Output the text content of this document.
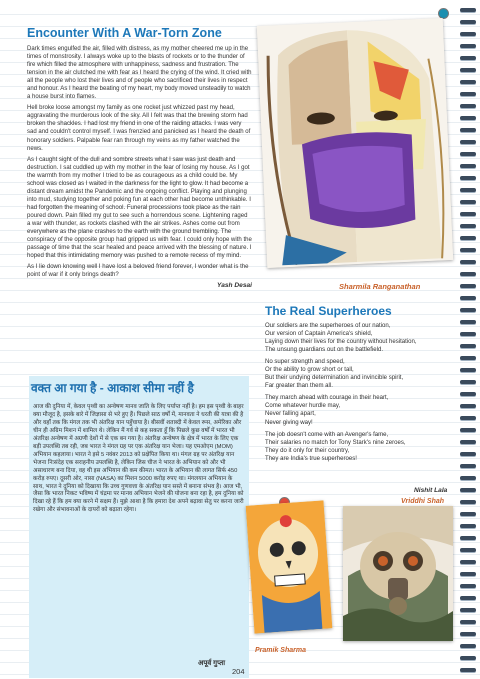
Encounter With A War-Torn Zone

Dark times engulfed the air, filled with distress, as my mother cheered me up in the times of monstrosity. I always woke up to the blasts of rockets or to the thunder of fire which filled the atmosphere with unhappiness, sadness and frustration. The tension in the air clutched me with fear as I heard the crying of the wind. It cried with all the people who lost their lives and of people who sacrificed their lives in respect and honour. As I heard the beating of my heart, my body moved unsteadily to watch a house burst into flames.

Hell broke loose amongst my family as one rocket just whizzed past my head, aggravating the murderous look of the sky. All I felt was that the brewing storm had broken the shackles. I had lost my friend in one of the raiding attacks. I was very sad and couldn't control myself. I was frenzied and panicked as I heard the death of honorary soldiers. Palpable fear ran through my veins as my father watched the news.

As I caught sight of the dull and sombre streets what I saw was just death and destruction. I sat cuddled up with my mother in the fear of losing my house. As I got the warmth from my mother I tried to be as courageous as a child could be. My school was closed as I waited in the darkness for the light to glow. It had become a distant dream amidst the Pandemic and the ongoing conflict. Playing and plunging into mud, studying together and poking fun at each other had become unthinkable. I had forgotten the meaning of school. Funeral processions took place as the rain poured down. Pain filled my gut to see such a horrendous scene. Lightening raged a war with thunder, as rockets clashed with the air strikes. Ashes come out from everywhere as the plane crashes to the earth with the ground trembling. The conspiracy of the opposite group had gripped us with fear. I could only hope with the passage of time that the scar healed and peace arrived with the blessing of nature. I hoped that this intimidating memory was pushed to a remote recess of my mind.

As I lie down knowing well I have lost a beloved friend forever, I wonder what is the point of war if it only brings death?

Yash Desai
वक्त आ गया है - आकाश सीमा नहीं है
आज की दुनिया में, केवल पृथ्वी का अन्वेषण मानव जाति के लिए पर्याप्त नहीं है। हम इस पृथ्वी के बाहर क्या मौजूद है, इसके बारे में जिज्ञासा से भरे हुए हैं। पिछले साठ वर्षों में, मानवता ने धरती की यात्रा की है और वहाँ तक कि मंगल तक भी अंतरिक्ष यान पहुँचाया है। बीसवीं शताब्दी में केवल रूस, अमेरिका और चीन ही अग्रिम मिशन में शामिल थे। लेकिन मैं गर्व से कह सकता हूँ कि पिछले कुछ वर्षों में भारत भी अंतरिक्ष अन्वेषण में अग्रणी देशों में से एक बन गया है। अंतरिक्ष अन्वेषण के क्षेत्र में भारत के लिए एक बड़ी उपलब्धि तब रही, जब भारत ने मंगल ग्रह पर एक अंतरिक्ष यान भेजा। यह एमओएम (MOM) अभियान कहलाया। भारत ने इसे 5 नवंबर 2013 को प्रक्षेपित किया था। मंगल ग्रह पर अंतरिक्ष यान भेजना निःसंदेह एक सराहनीय उपलब्धि है, लेकिन जिस चीज ने भारत के अभियान को और भी असाधारण बना दिया, वह थी इस अभियान की कम कीमत। भारत के अभियान की लागत सिर्फ 450 करोड़ रुपए। दूसरी ओर, नासा (NASA) का मिशन 5000 करोड़ रुपए था। मंगलयान अभियान के साथ, भारत ने दुनिया को दिखाया कि उच्च गुणवत्ता के अंतरिक्ष यान सस्ते में बनाना संभव है। आज भी, जैसा कि भारत निकट भविष्य में चंद्रमा पर मानव अभियान भेजने की योजना बना रहा है, हम दुनिया को दिखा रहे हैं कि हम क्या करने में सक्षम हैं। मुझे आशा है कि हमारा देश अपने बढ़ावा सेतु पर करना जारी रखेगा और संभावनाओं के दायरों को बढ़ाता रहेगा।
अपूर्व गुप्ता
Sharmila Ranganathan
The Real Superheroes
Our soldiers are the superheroes of our nation,
Our version of Captain America's shield,
Laying down their lives for the country without hesitation,
The unsung guardians out on the battlefield.
No super strength and speed,
Or the ability to grow short or tall,
But their undying determination and invincible spirit,
Far greater than them all.
They march ahead with courage in their heart,
Come whatever hurdle may,
Never falling apart,
Never giving way!
The job doesn't come with an Avenger's fame,
Their salaries no match for Tony Stark's nine zeroes,
They do it only for their country,
They are India's true superheroes!
Nishit Lala
Pramik Sharma
Vriddhi Shah
204
